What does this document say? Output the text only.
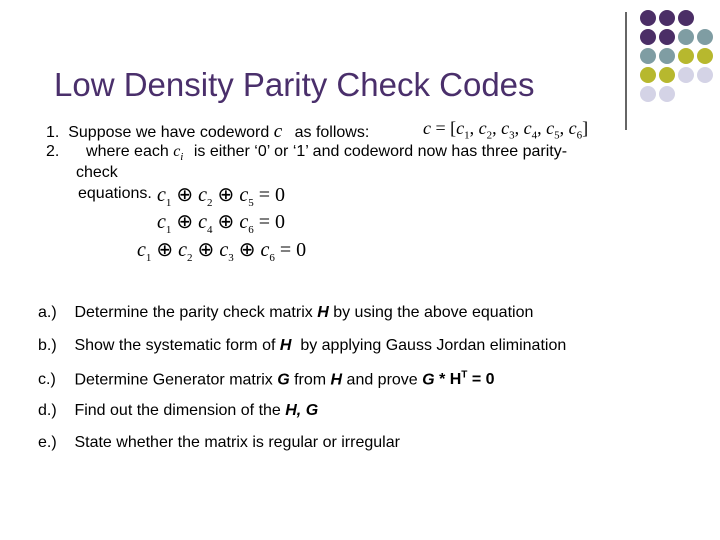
Low Density Parity Check Codes
1. Suppose we have codeword c as follows:	$c = [c_1$, $c_2$, $c_3$, $c_4$, $c_5$, $c_6$]
2. where each $c_i$ is either ‘0’ or ‘1’ and codeword now has three parity-
check
equations. $c_1$ ⊕ $c_2$ ⊕ $c_5 = 0$
$c_1$ ⊕ $c_4$ ⊕ $c_6 = 0$
$c_1$ ⊕ $c_2$ ⊕ $c_3$ ⊕ $c_6 = 0$
a.) Determine the parity check matrix H by using the above equation
b.) Show the systematic form of H  by applying Gauss Jordan elimination
c.) Determine Generator matrix G from H and prove $G * H^T = 0$
d.) Find out the dimension of the H, G
e.) State whether the matrix is regular or irregular
